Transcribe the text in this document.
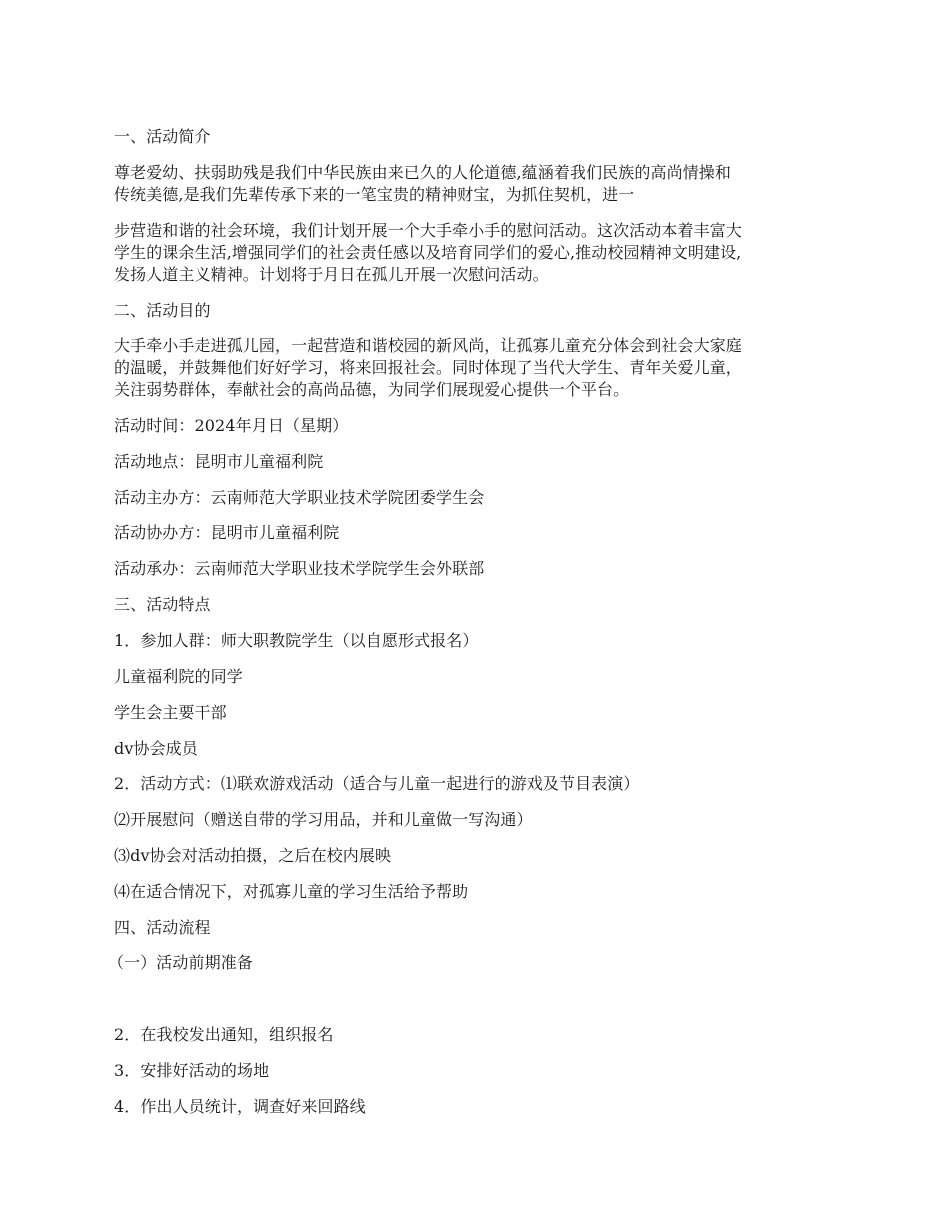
一、活动简介
尊老爱幼、扶弱助残是我们中华民族由来已久的人伦道德,蕴涵着我们民族的高尚情操和
传统美德,是我们先辈传承下来的一笔宝贵的精神财宝，为抓住契机，进一
步营造和谐的社会环境，我们计划开展一个大手牵小手的慰问活动。这次活动本着丰富大
学生的课余生活,增强同学们的社会责任感以及培育同学们的爱心,推动校园精神文明建设,
发扬人道主义精神。计划将于月日在孤儿开展一次慰问活动。
二、活动目的
大手牵小手走进孤儿园，一起营造和谐校园的新风尚，让孤寡儿童充分体会到社会大家庭
的温暖，并鼓舞他们好好学习，将来回报社会。同时体现了当代大学生、青年关爱儿童，
关注弱势群体，奉献社会的高尚品德，为同学们展现爱心提供一个平台。
活动时间：2024年月日（星期）
活动地点：昆明市儿童福利院
活动主办方：云南师范大学职业技术学院团委学生会
活动协办方：昆明市儿童福利院
活动承办：云南师范大学职业技术学院学生会外联部
三、活动特点
1．参加人群：师大职教院学生（以自愿形式报名）
儿童福利院的同学
学生会主要干部
dv协会成员
2．活动方式：⑴联欢游戏活动（适合与儿童一起进行的游戏及节目表演）
⑵开展慰问（赠送自带的学习用品，并和儿童做一写沟通）
⑶dv协会对活动拍摄，之后在校内展映
⑷在适合情况下，对孤寡儿童的学习生活给予帮助
四、活动流程
（一）活动前期准备
2．在我校发出通知，组织报名
3．安排好活动的场地
4．作出人员统计，调查好来回路线
